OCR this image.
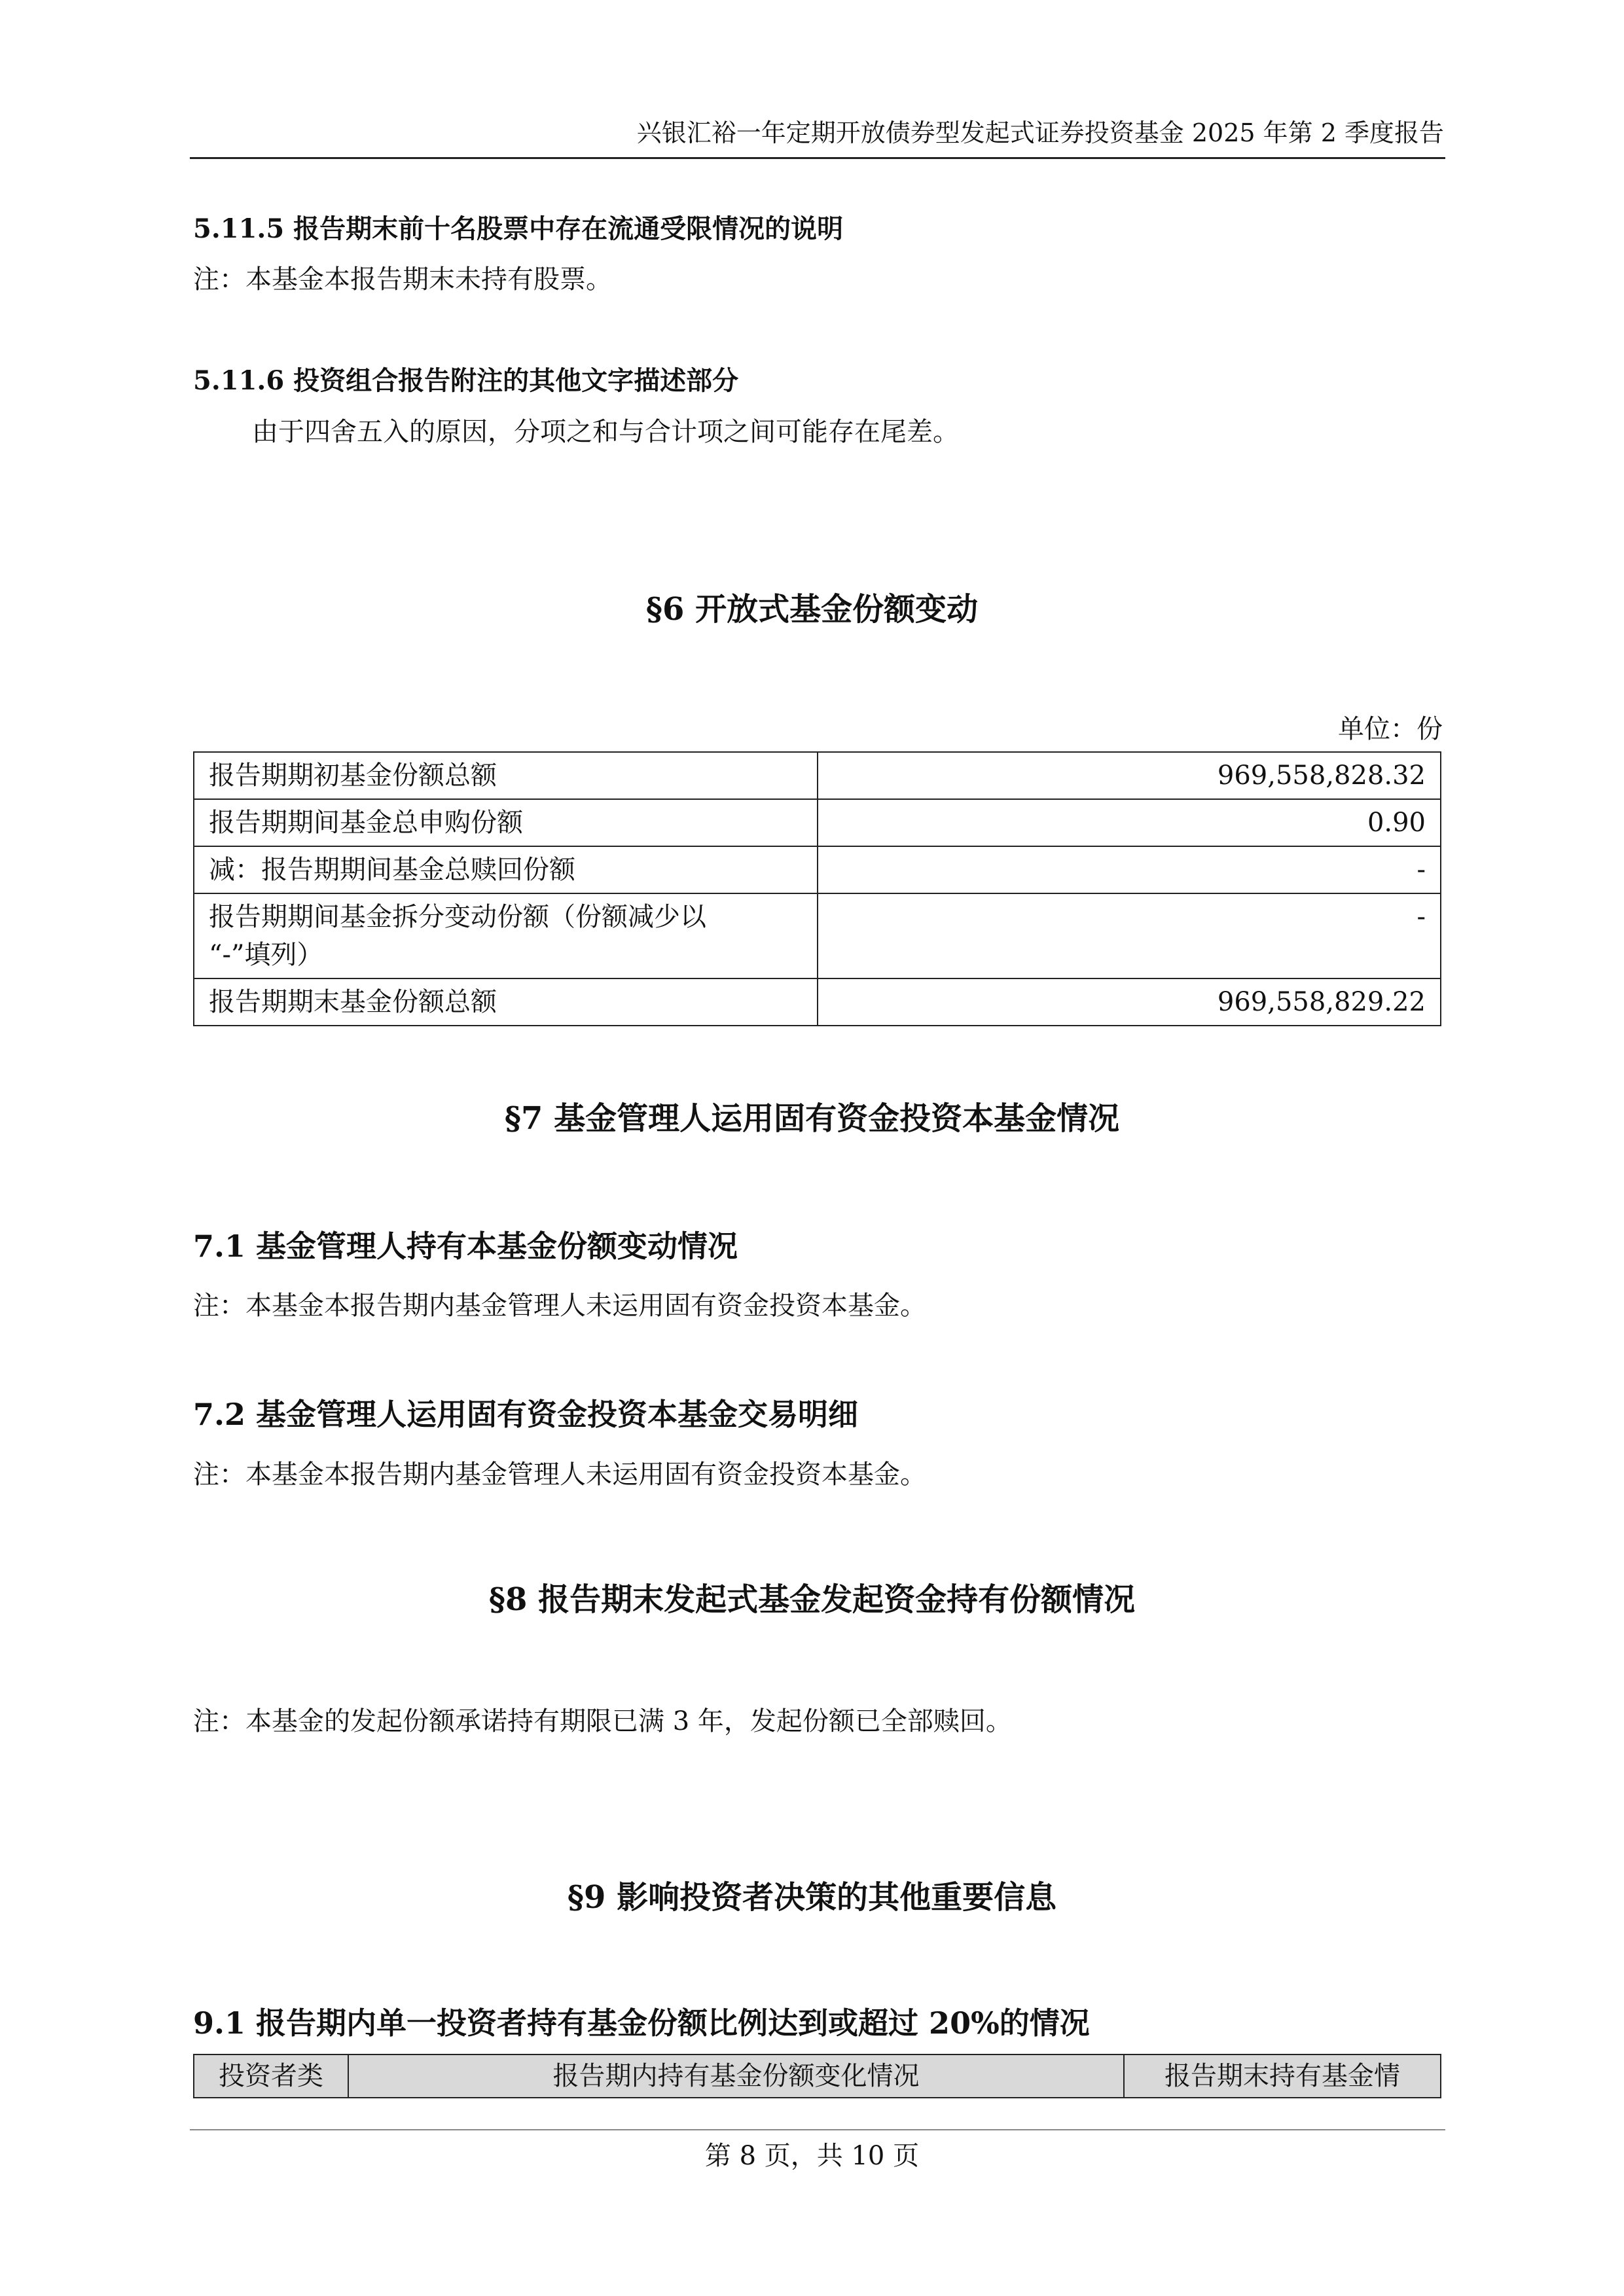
兴银汇裕一年定期开放债券型发起式证券投资基金 2025 年第 2 季度报告
5.11.5 报告期末前十名股票中存在流通受限情况的说明
注：本基金本报告期末未持有股票。
5.11.6 投资组合报告附注的其他文字描述部分
由于四舍五入的原因，分项之和与合计项之间可能存在尾差。
§6 开放式基金份额变动
单位：份
报告期期初基金份额总额	969,558,828.32
报告期期间基金总申购份额	0.90
减：报告期期间基金总赎回份额	-

报告期期间基金拆分变动份额（份额减少以
“-”填列）	-
报告期期末基金份额总额	969,558,829.22
§7 基金管理人运用固有资金投资本基金情况
7.1 基金管理人持有本基金份额变动情况
注：本基金本报告期内基金管理人未运用固有资金投资本基金。
7.2 基金管理人运用固有资金投资本基金交易明细
注：本基金本报告期内基金管理人未运用固有资金投资本基金。
§8 报告期末发起式基金发起资金持有份额情况
注：本基金的发起份额承诺持有期限已满 3 年，发起份额已全部赎回。
§9 影响投资者决策的其他重要信息
9.1 报告期内单一投资者持有基金份额比例达到或超过 20%的情况
投资者类	报告期内持有基金份额变化情况	报告期末持有基金情
第 8 页，共 10 页
